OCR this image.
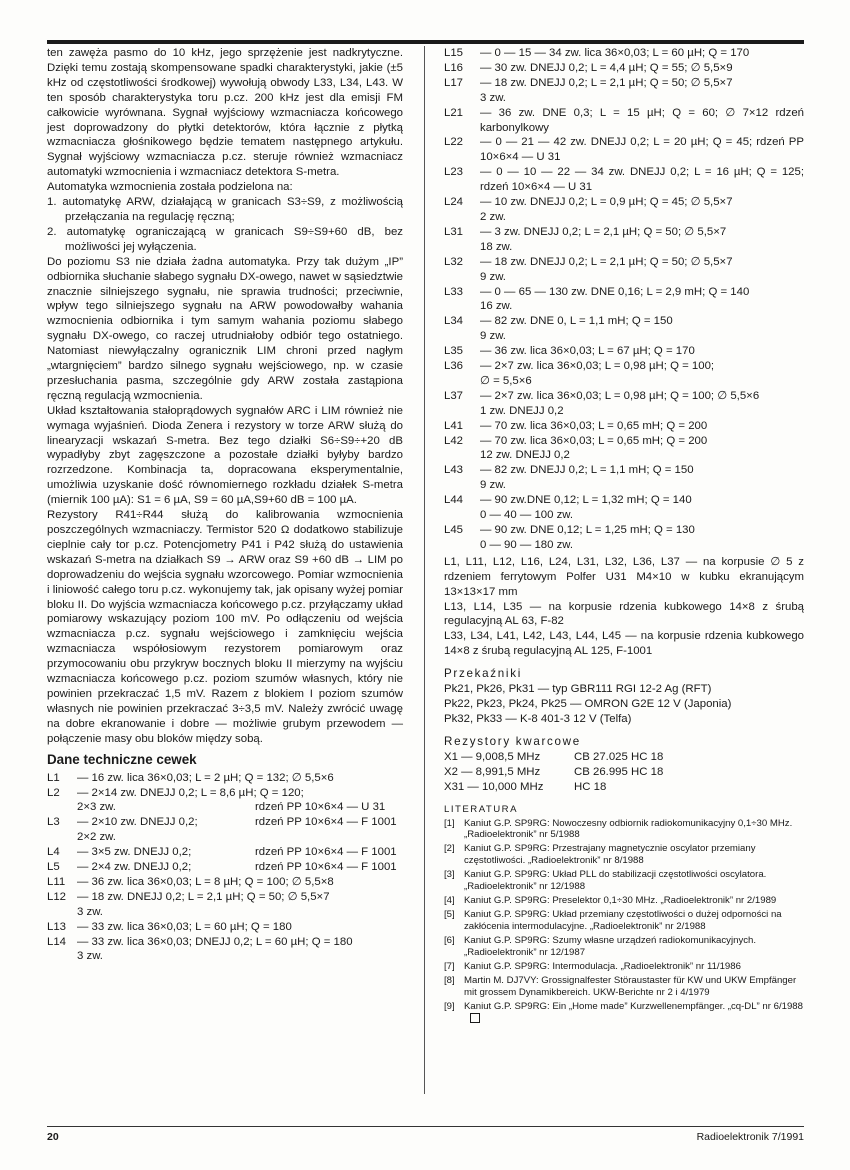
ten zawęża pasmo do 10 kHz, jego sprzężenie jest nadkrytyczne. Dzięki temu zostają skompensowane spadki charakterystyki, jakie (±5 kHz od częstotliwości środkowej) wywołują obwody L33, L34, L43. W ten sposób charakterystyka toru p.cz. 200 kHz jest dla emisji FM całkowicie wyrównana. Sygnał wyjściowy wzmacniacza końcowego jest doprowadzony do płytki detektorów, która łącznie z płytką wzmacniacza głośnikowego będzie tematem następnego artykułu. Sygnał wyjściowy wzmacniacza p.cz. steruje również wzmacniacz automatyki wzmocnienia i wzmacniacz detektora S-metra.

Automatyka wzmocnienia została podzielona na:

1. automatykę ARW, działającą w granicach S3÷S9, z możliwością przełączania na regulację ręczną;
2. automatykę ograniczającą w granicach S9÷S9+60 dB, bez możliwości jej wyłączenia.

Do poziomu S3 nie działa żadna automatyka. Przy tak dużym „IP” odbiornika słuchanie słabego sygnału DX-owego, nawet w sąsiedztwie znacznie silniejszego sygnału, nie sprawia trudności; przeciwnie, wpływ tego silniejszego sygnału na ARW powodowałby wahania wzmocnienia odbiornika i tym samym wahania poziomu słabego sygnału DX-owego, co raczej utrudniałoby odbiór tego ostatniego. Natomiast niewyłączalny ogranicznik LIM chroni przed nagłym „wtargnięciem” bardzo silnego sygnału wejściowego, np. w czasie przesłuchania pasma, szczególnie gdy ARW została zastąpiona ręczną regulacją wzmocnienia.

Układ kształtowania stałoprądowych sygnałów ARC i LIM również nie wymaga wyjaśnień. Dioda Zenera i rezystory w torze ARW służą do linearyzacji wskazań S-metra. Bez tego działki S6÷S9÷+20 dB wypadłyby zbyt zagęszczone a pozostałe działki byłyby bardzo rozrzedzone. Kombinacja ta, dopracowana eksperymentalnie, umożliwia uzyskanie dość równomiernego rozkładu działek S-metra (miernik 100 µA): S1 = 6 µA, S9 = 60 µA,S9+60 dB = 100 µA.

Rezystory R41÷R44 służą do kalibrowania wzmocnienia poszczególnych wzmacniaczy. Termistor 520 Ω dodatkowo stabilizuje cieplnie cały tor p.cz. Potencjometry P41 i P42 służą do ustawienia wskazań S-metra na działkach S9 → ARW oraz S9 +60 dB → LIM po doprowadzeniu do wejścia sygnału wzorcowego. Pomiar wzmocnienia i liniowość całego toru p.cz. wykonujemy tak, jak opisany wyżej pomiar bloku II. Do wyjścia wzmacniacza końcowego p.cz. przyłączamy układ pomiarowy wskazujący poziom 100 mV. Po odłączeniu od wejścia wzmacniacza p.cz. sygnału wejściowego i zamknięciu wejścia wzmacniacza współosiowym rezystorem pomiarowym oraz przymocowaniu obu przykryw bocznych bloku II mierzymy na wyjściu wzmacniacza końcowego p.cz. poziom szumów własnych, który nie powinien przekraczać 1,5 mV. Razem z blokiem I poziom szumów własnych nie powinien przekraczać 3÷3,5 mV. Należy zwrócić uwagę na dobre ekranowanie i dobre — możliwie grubym przewodem — połączenie masy obu bloków między sobą.

Dane techniczne cewek
L1	— 16 zw. lica 36×0,03; L = 2 µH; Q = 132; ∅ 5,5×6
L2	— 2×14 zw. DNEJJ 0,2; L = 8,6 µH; Q = 120;
2×3 zw.	rdzeń PP 10×6×4 — U 31
L3	— 2×10 zw. DNEJJ 0,2;	rdzeń PP 10×6×4 — F 1001
2×2 zw.
L4	— 3×5 zw. DNEJJ 0,2;	rdzeń PP 10×6×4 — F 1001
L5	— 2×4 zw. DNEJJ 0,2;	rdzeń PP 10×6×4 — F 1001
L11	— 36 zw. lica 36×0,03; L = 8 µH; Q = 100; ∅ 5,5×8
L12 — 18 zw. DNEJJ 0,2; L = 2,1 µH; Q = 50; ∅ 5,5×7
3 zw.
L13 — 33 zw. lica 36×0,03; L = 60 µH; Q = 180
L14 — 33 zw. lica 36×0,03; DNEJJ 0,2; L = 60 µH; Q = 180
3 zw.
L15	— 0 — 15 — 34 zw. lica 36×0,03; L = 60 µH; Q = 170
L16	— 30 zw. DNEJJ 0,2; L = 4,4 µH; Q = 55; ∅ 5,5×9
L17	— 18 zw. DNEJJ 0,2; L = 2,1 µH; Q = 50; ∅ 5,5×7
3 zw.
L21	— 36 zw. DNE 0,3; L = 15 µH; Q = 60; ∅ 7×12 rdzeń karbonylkowy
L22	— 0 — 21 — 42 zw. DNEJJ 0,2; L = 20 µH; Q = 45; rdzeń PP 10×6×4 — U 31
L23	— 0 — 10 — 22 — 34 zw. DNEJJ 0,2; L = 16 µH; Q = 125; rdzeń 10×6×4 — U 31
L24	— 10 zw. DNEJJ 0,2; L = 0,9 µH; Q = 45; ∅ 5,5×7
2 zw.
L31	— 3 zw. DNEJJ 0,2; L = 2,1 µH; Q = 50; ∅ 5,5×7
18 zw.
L32	— 18 zw. DNEJJ 0,2; L = 2,1 µH; Q = 50; ∅ 5,5×7
9 zw.
L33	— 0 — 65 — 130 zw. DNE 0,16; L = 2,9 mH; Q = 140
16 zw.
L34	— 82 zw. DNE 0, L = 1,1 mH; Q = 150
9 zw.
L35	— 36 zw. lica 36×0,03; L = 67 µH; Q = 170
L36	— 2×7 zw. lica 36×0,03; L = 0,98 µH; Q = 100;
∅ = 5,5×6
L37	— 2×7 zw. lica 36×0,03; L = 0,98 µH; Q = 100; ∅ 5,5×6
1 zw. DNEJJ 0,2
L41	— 70 zw. lica 36×0,03; L = 0,65 mH; Q = 200
L42	— 70 zw. lica 36×0,03; L = 0,65 mH; Q = 200
12 zw. DNEJJ 0,2
L43	— 82 zw. DNEJJ 0,2; L = 1,1 mH; Q = 150
9 zw.
L44	— 90 zw.DNE 0,12; L = 1,32 mH; Q = 140
0 — 40 — 100 zw.
L45	— 90 zw. DNE 0,12; L = 1,25 mH; Q = 130
0 — 90 — 180 zw.

L1, L11, L12, L16, L24, L31, L32, L36, L37 — na korpusie ∅ 5 z rdzeniem ferrytowym Polfer U31 M4×10 w kubku ekranującym 13×13×17 mm

L13, L14, L35 — na korpusie rdzenia kubkowego 14×8 z śrubą regulacyjną AL 63, F-82

L33, L34, L41, L42, L43, L44, L45 — na korpusie rdzenia kubkowego 14×8 z śrubą regulacyjną AL 125, F-1001

Przekaźniki
Pk21, Pk26, Pk31 — typ GBR111 RGI 12-2 Ag (RFT)
Pk22, Pk23, Pk24, Pk25 — OMRON G2E 12 V (Japonia)
Pk32, Pk33 — K-8 401-3 12 V (Telfa)
Rezystory kwarcowe
X1 — 9,008,5 MHz	CB 27.025 HC 18
X2 — 8,991,5 MHz	CB 26.995 HC 18
X31 — 10,000 MHz	HC 18
LITERATURA
[1] Kaniut G.P. SP9RG: Nowoczesny odbiornik radiokomunikacyjny 0,1÷30 MHz. „Radioelektronik” nr 5/1988
[2] Kaniut G.P. SP9RG: Przestrajany magnetycznie oscylator przemiany częstotliwości. „Radioelektronik” nr 8/1988
[3] Kaniut G.P. SP9RG: Układ PLL do stabilizacji częstotliwości oscylatora. „Radioelektronik” nr 12/1988
[4] Kaniut G.P. SP9RG: Preselektor 0,1÷30 MHz. „Radioelektronik” nr 2/1989
[5] Kaniut G.P. SP9RG: Układ przemiany częstotliwości o dużej odporności na zakłócenia intermodulacyjne. „Radioelektronik” nr 2/1988
[6] Kaniut G.P. SP9RG: Szumy własne urządzeń radiokomunikacyjnych. „Radioelektronik” nr 12/1987
[7] Kaniut G.P. SP9RG: Intermodulacja. „Radioelektronik” nr 11/1986
[8] Martin M. DJ7VY: Grossignalfester Störaustaster für KW und UKW Empfänger mit grossem Dynamikbereich. UKW-Berichte nr 2 i 4/1979
[9] Kaniut G.P. SP9RG: Ein „Home made” Kurzwellenempfänger. „cq-DL” nr 6/1988
20	Radioelektronik 7/1991
